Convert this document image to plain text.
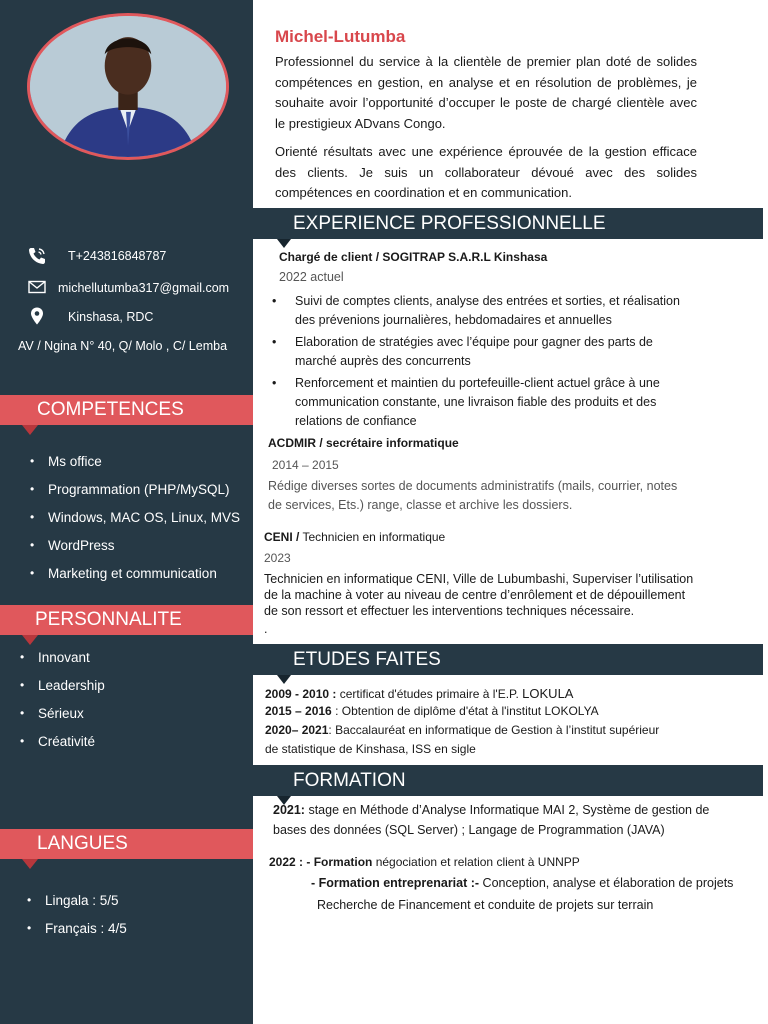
T+243816848787
michellutumba317@gmail.com
Kinshasa, RDC
AV / Ngina N° 40, Q/ Molo , C/ Lemba
COMPETENCES
• Ms office
• Programmation (PHP/MySQL)
• Windows, MAC OS, Linux, MVS
• WordPress
• Marketing et communication
PERSONNALITE
• Innovant
• Leadership
• Sérieux
• Créativité
LANGUES
• Lingala : 5/5
• Français : 4/5
Michel-Lutumba

Professionnel du service à la clientèle de premier plan doté de solides compétences en gestion, en analyse et en résolution de problèmes, je souhaite avoir l’opportunité d’occuper le poste de chargé clientèle avec le prestigieux ADvans Congo.

Orienté résultats avec une expérience éprouvée de la gestion efficace des clients. Je suis un collaborateur dévoué avec des solides compétences en coordination et en communication.

EXPERIENCE PROFESSIONNELLE
Chargé de client / SOGITRAP S.A.R.L Kinshasa
2022 actuel
• Suivi de comptes clients, analyse des entrées et sorties, et réalisation
des prévenions journalières, hebdomadaires et annuelles
• Elaboration de stratégies avec l’équipe pour gagner des parts de
marché auprès des concurrents
• Renforcement et maintien du portefeuille-client actuel grâce à une
communication constante, une livraison fiable des produits et des
relations de confiance
ACDMIR / secrétaire informatique
2014 – 2015
Rédige diverses sortes de documents administratifs (mails, courrier, notes
de services, Ets.) range, classe et archive les dossiers.
CENI / Technicien en informatique
2023
Technicien en informatique CENI, Ville de Lubumbashi, Superviser l’utilisation
de la machine à voter au niveau de centre d’enrôlement et de dépouillement
de son ressort et effectuer les interventions techniques nécessaire.
.
ETUDES FAITES
2009 - 2010 : certificat d'études primaire à l'E.P. LOKULA
2015 – 2016 : Obtention de diplôme d'état à l'institut LOKOLYA
2020– 2021: Baccalauréat en informatique de Gestion à l’institut supérieur
de statistique de Kinshasa, ISS en sigle
FORMATION
2021: stage en Méthode d’Analyse Informatique MAI 2, Système de gestion de
bases des données (SQL Server) ; Langage de Programmation (JAVA)
2022 : - Formation négociation et relation client à UNNPP
- Formation entreprenariat :- Conception, analyse et élaboration de projets
Recherche de Financement et conduite de projets sur terrain
